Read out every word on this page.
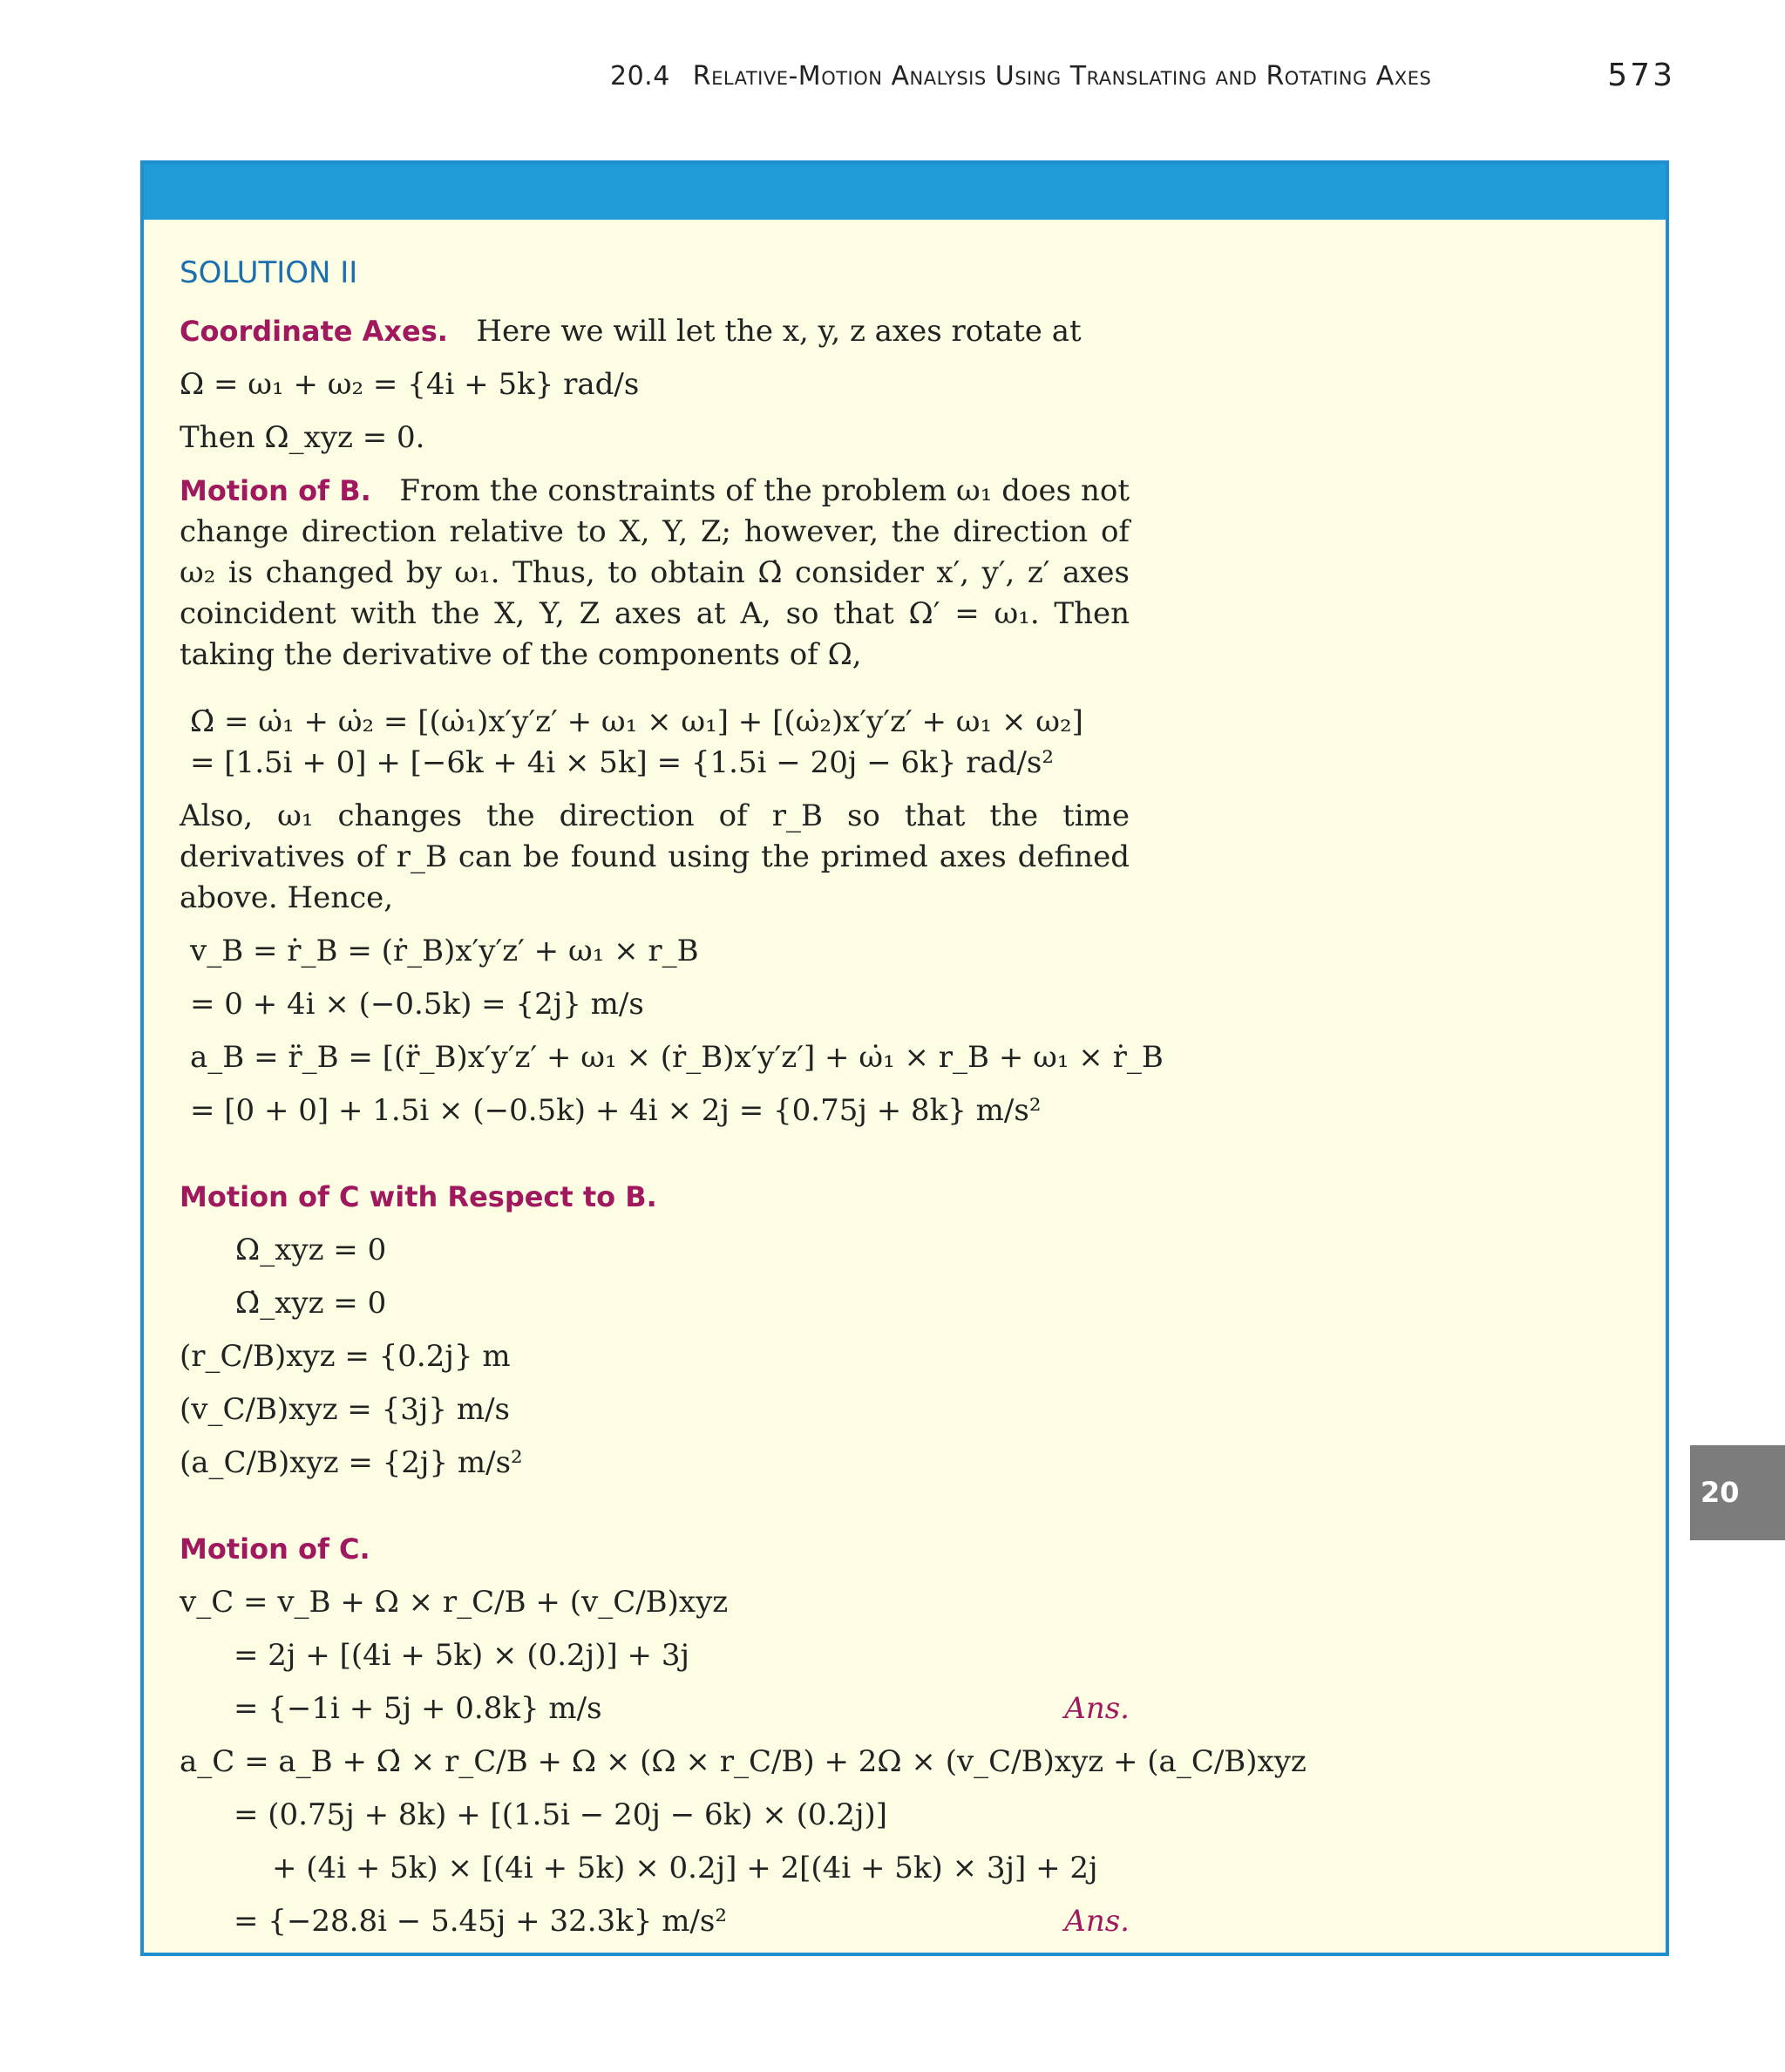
20.4 Relative-Motion Analysis Using Translating and Rotating Axes	573
20

SOLUTION II

Coordinate Axes. Here we will let the x, y, z axes rotate at

Ω = ω₁ + ω₂ = {4i + 5k} rad/s

Then Ω_xyz = 0.

Motion of B. From the constraints of the problem ω₁ does not change direction relative to X, Y, Z; however, the direction of ω₂ is changed by ω₁. Thus, to obtain Ω̇ consider x′, y′, z′ axes coincident with the X, Y, Z axes at A, so that Ω′ = ω₁. Then taking the derivative of the components of Ω,

Ω̇ = ω̇₁ + ω̇₂ = [(ω̇₁)x′y′z′ + ω₁ × ω₁] + [(ω̇₂)x′y′z′ + ω₁ × ω₂]

= [1.5i + 0] + [−6k + 4i × 5k] = {1.5i − 20j − 6k} rad/s²

Also, ω₁ changes the direction of r_B so that the time derivatives of r_B can be found using the primed axes defined above. Hence,

v_B = ṙ_B = (ṙ_B)x′y′z′ + ω₁ × r_B

= 0 + 4i × (−0.5k) = {2j} m/s

a_B = r̈_B = [(r̈_B)x′y′z′ + ω₁ × (ṙ_B)x′y′z′] + ω̇₁ × r_B + ω₁ × ṙ_B

= [0 + 0] + 1.5i × (−0.5k) + 4i × 2j = {0.75j + 8k} m/s²

Motion of C with Respect to B.

Ω_xyz = 0

Ω̇_xyz = 0

(r_C/B)xyz = {0.2j} m

(v_C/B)xyz = {3j} m/s

(a_C/B)xyz = {2j} m/s²

Motion of C.

v_C = v_B + Ω × r_C/B + (v_C/B)xyz

= 2j + [(4i + 5k) × (0.2j)] + 3j

= {−1i + 5j + 0.8k} m/s	Ans.

a_C = a_B + Ω̇ × r_C/B + Ω × (Ω × r_C/B) + 2Ω × (v_C/B)xyz + (a_C/B)xyz

= (0.75j + 8k) + [(1.5i − 20j − 6k) × (0.2j)]

+ (4i + 5k) × [(4i + 5k) × 0.2j] + 2[(4i + 5k) × 3j] + 2j

= {−28.8i − 5.45j + 32.3k} m/s²	Ans.
